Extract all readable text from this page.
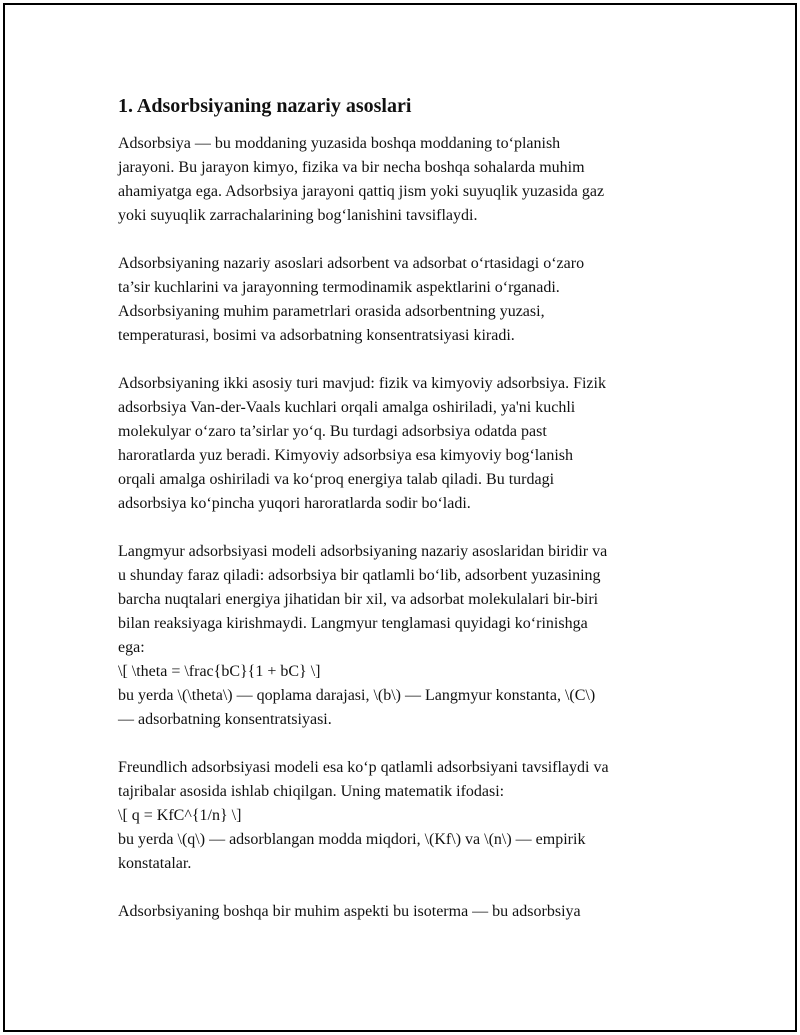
1. Adsorbsiyaning nazariy asoslari

Adsorbsiya — bu moddaning yuzasida boshqa moddaning to‘planish
jarayoni. Bu jarayon kimyo, fizika va bir necha boshqa sohalarda muhim
ahamiyatga ega. Adsorbsiya jarayoni qattiq jism yoki suyuqlik yuzasida gaz
yoki suyuqlik zarrachalarining bog‘lanishini tavsiflaydi.

Adsorbsiyaning nazariy asoslari adsorbent va adsorbat o‘rtasidagi o‘zaro
ta’sir kuchlarini va jarayonning termodinamik aspektlarini o‘rganadi.
Adsorbsiyaning muhim parametrlari orasida adsorbentning yuzasi,
temperaturasi, bosimi va adsorbatning konsentratsiyasi kiradi.

Adsorbsiyaning ikki asosiy turi mavjud: fizik va kimyoviy adsorbsiya. Fizik
adsorbsiya Van-der-Vaals kuchlari orqali amalga oshiriladi, ya'ni kuchli
molekulyar o‘zaro ta’sirlar yo‘q. Bu turdagi adsorbsiya odatda past
haroratlarda yuz beradi. Kimyoviy adsorbsiya esa kimyoviy bog‘lanish
orqali amalga oshiriladi va ko‘proq energiya talab qiladi. Bu turdagi
adsorbsiya ko‘pincha yuqori haroratlarda sodir bo‘ladi.

Langmyur adsorbsiyasi modeli adsorbsiyaning nazariy asoslaridan biridir va
u shunday faraz qiladi: adsorbsiya bir qatlamli bo‘lib, adsorbent yuzasining
barcha nuqtalari energiya jihatidan bir xil, va adsorbat molekulalari bir-biri
bilan reaksiyaga kirishmaydi. Langmyur tenglamasi quyidagi ko‘rinishga
ega:
\[ \theta = \frac{bC}{1 + bC} \]
bu yerda \(\theta\) — qoplama darajasi, \(b\) — Langmyur konstanta, \(C\)
— adsorbatning konsentratsiyasi.

Freundlich adsorbsiyasi modeli esa ko‘p qatlamli adsorbsiyani tavsiflaydi va
tajribalar asosida ishlab chiqilgan. Uning matematik ifodasi:
\[ q = KfC^{1/n} \]
bu yerda \(q\) — adsorblangan modda miqdori, \(Kf\) va \(n\) — empirik
konstatalar.

Adsorbsiyaning boshqa bir muhim aspekti bu isoterma — bu adsorbsiya
